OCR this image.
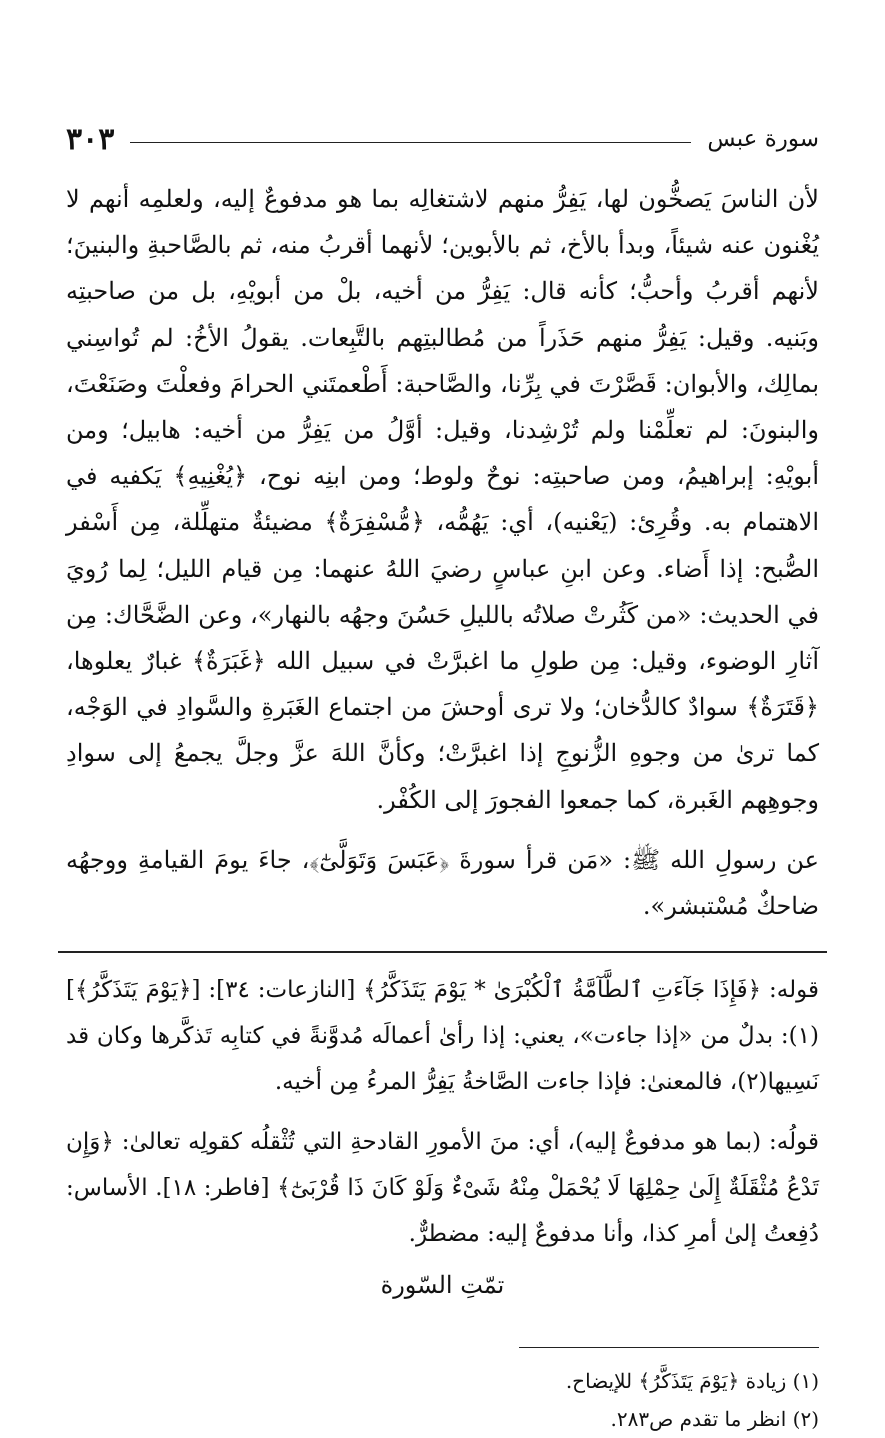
سورة عبس
٣٠٣

لأن الناسَ يَصخُّون لها، يَفِرُّ منهم لاشتغالِه بما هو مدفوعٌ إليه، ولعلمِه أنهم لا يُغْنون عنه شيئاً، وبدأ بالأخ، ثم بالأبوين؛ لأنهما أقربُ منه، ثم بالصَّاحبةِ والبنينَ؛ لأنهم أقربُ وأحبُّ؛ كأنه قال: يَفِرُّ من أخيه، بلْ من أبويْهِ، بل من صاحبتِه وبَنيه. وقيل: يَفِرُّ منهم حَذَراً من مُطالبتِهم بالتَّبِعات. يقولُ الأخُ: لم تُواسِني بمالِك، والأبوان: قَصَّرْتَ في بِرِّنا، والصَّاحبة: أَطْعمتَني الحرامَ وفعلْتَ وصَنَعْتَ، والبنونَ: لم تعلِّمْنا ولم تُرْشِدنا، وقيل: أوَّلُ من يَفِرُّ من أخيه: هابيل؛ ومن أبويْهِ: إبراهيمُ، ومن صاحبتِه: نوحٌ ولوط؛ ومن ابنِه نوح، ﴿يُغْنِيهِ﴾ يَكفيه في الاهتمام به. وقُرِئ: (يَعْنيه)، أي: يَهُمُّه، ﴿مُّسْفِرَةٌ﴾ مضيئةٌ متهلِّلة، مِن أَسْفر الصُّبح: إذا أَضاء. وعن ابنِ عباسٍ رضيَ اللهُ عنهما: مِن قيام الليل؛ لِما رُويَ في الحديث: «من كَثُرتْ صلاتُه بالليلِ حَسُنَ وجهُه بالنهار»، وعن الضَّحَّاك: مِن آثارِ الوضوء، وقيل: مِن طولِ ما اغبرَّتْ في سبيل الله ﴿غَبَرَةٌ﴾ غبارٌ يعلوها، ﴿قَتَرَةٌ﴾ سوادٌ كالدُّخان؛ ولا ترى أوحشَ من اجتماع الغَبَرةِ والسَّوادِ في الوَجْه، كما ترىٰ من وجوهِ الزُّنوجِ إذا اغبرَّتْ؛ وكأنَّ اللهَ عزَّ وجلَّ يجمعُ إلى سوادِ وجوهِهم الغَبرة، كما جمعوا الفجورَ إلى الكُفْر.

عن رسولِ الله ﷺ: «مَن قرأ سورةَ ﴿عَبَسَ وَتَوَلَّىٰٓ﴾، جاءَ يومَ القيامةِ ووجهُه ضاحكٌ مُسْتبشر».

قوله: ﴿فَإِذَا جَآءَتِ ٱلطَّآمَّةُ ٱلْكُبْرَىٰ * يَوْمَ يَتَذَكَّرُ﴾ [النازعات: ٣٤]: [﴿يَوْمَ يَتَذَكَّرُ﴾](١): بدلٌ من «إذا جاءت»، يعني: إذا رأىٰ أعمالَه مُدوَّنةً في كتابِه تَذكَّرها وكان قد نَسِيها(٢)، فالمعنىٰ: فإذا جاءت الصَّاخةُ يَفِرُّ المرءُ مِن أخيه.

قولُه: (بما هو مدفوعٌ إليه)، أي: منَ الأمورِ القادحةِ التي تُثْقلُه كقولِه تعالىٰ: ﴿وَإِن تَدْعُ مُثْقَلَةٌ إِلَىٰ حِمْلِهَا لَا يُحْمَلْ مِنْهُ شَىْءٌ وَلَوْ كَانَ ذَا قُرْبَىٰٓ﴾ [فاطر: ١٨]. الأساس: دُفِعتُ إلىٰ أمرِ كذا، وأنا مدفوعٌ إليه: مضطرٌّ.

تمّتِ السّورة

(١) زيادة ﴿يَوْمَ يَتَذَكَّرُ﴾ للإيضاح.

(٢) انظر ما تقدم ص٢٨٣.
